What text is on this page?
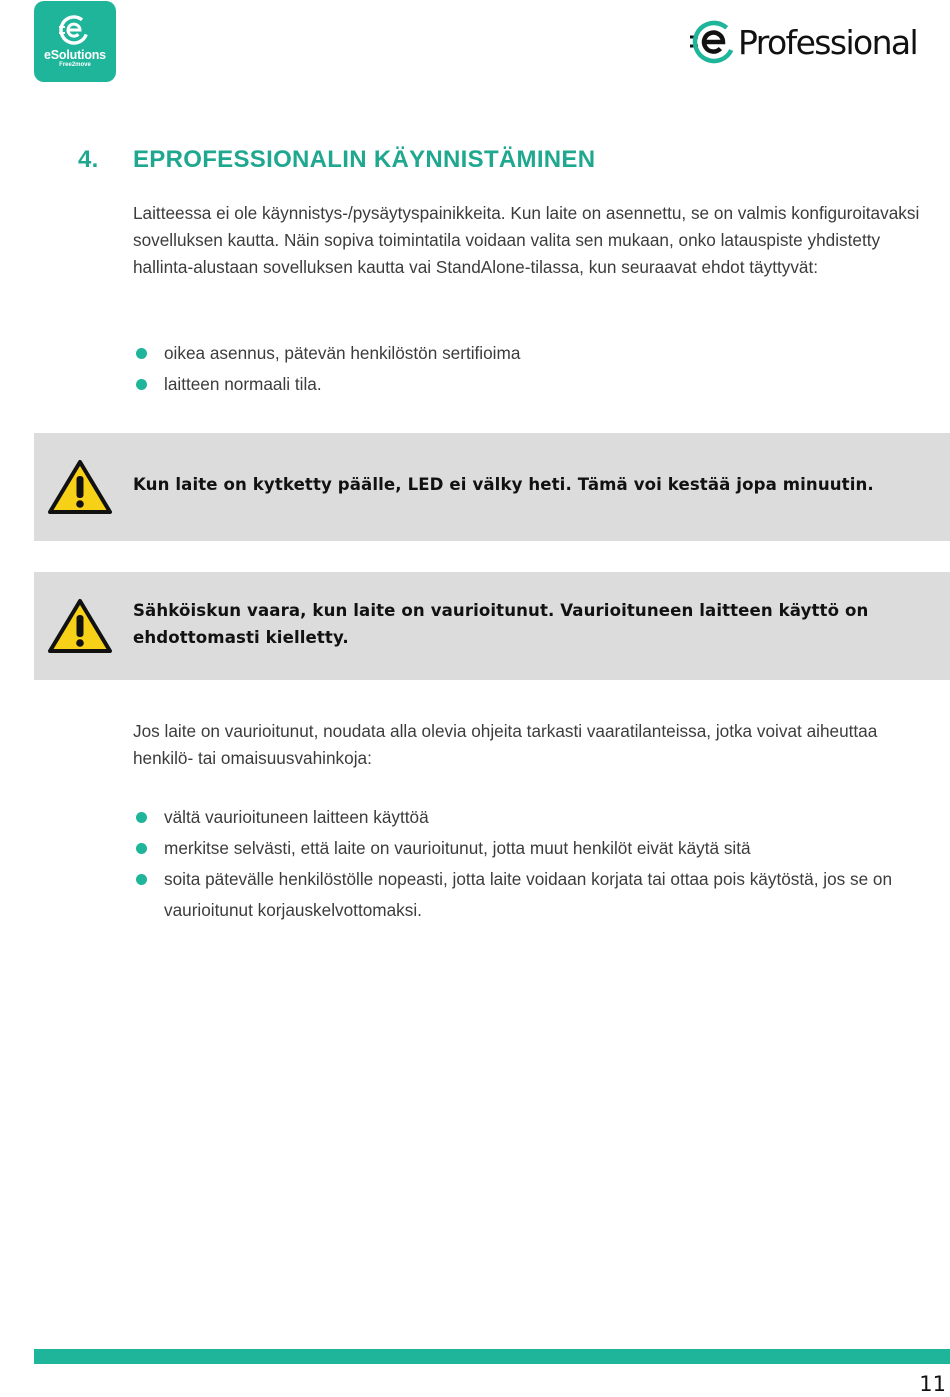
eSolutions
Free2move
Professional
4.	EPROFESSIONALIN KÄYNNISTÄMINEN

Laitteessa ei ole käynnistys-/pysäytyspainikkeita. Kun laite on asennettu, se on valmis konfiguroitavaksi sovelluksen kautta. Näin sopiva toimintatila voidaan valita sen mukaan, onko latauspiste yhdistetty hallinta-alustaan sovelluksen kautta vai StandAlone-tilassa, kun seuraavat ehdot täyttyvät:

oikea asennus, pätevän henkilöstön sertifioima
laitteen normaali tila.
Kun laite on kytketty päälle, LED ei välky heti. Tämä voi kestää jopa minuutin.
Sähköiskun vaara, kun laite on vaurioitunut. Vaurioituneen laitteen käyttö on ehdottomasti kielletty.

Jos laite on vaurioitunut, noudata alla olevia ohjeita tarkasti vaaratilanteissa, jotka voivat aiheuttaa henkilö- tai omaisuusvahinkoja:

vältä vaurioituneen laitteen käyttöä
merkitse selvästi, että laite on vaurioitunut, jotta muut henkilöt eivät käytä sitä
soita pätevälle henkilöstölle nopeasti, jotta laite voidaan korjata tai ottaa pois käytöstä, jos se on vaurioitunut korjauskelvottomaksi.
11
